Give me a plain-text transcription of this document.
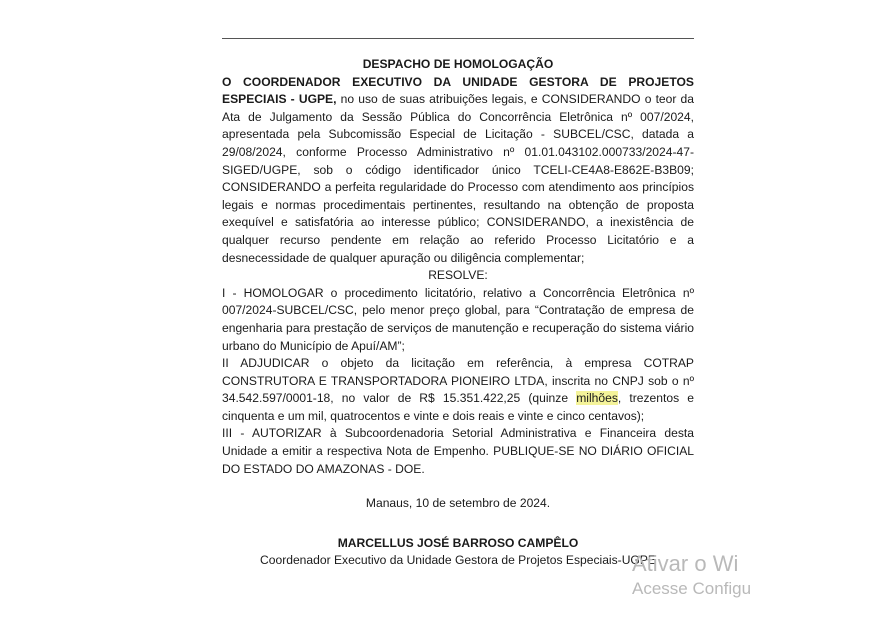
DESPACHO DE HOMOLOGAÇÃO
O COORDENADOR EXECUTIVO DA UNIDADE GESTORA DE PROJETOS ESPECIAIS - UGPE, no uso de suas atribuições legais, e CONSIDERANDO o teor da Ata de Julgamento da Sessão Pública do Concorrência Eletrônica nº 007/2024, apresentada pela Subcomissão Especial de Licitação - SUBCEL/CSC, datada a 29/08/2024, conforme Processo Administrativo nº 01.01.043102.000733/2024-47-SIGED/UGPE, sob o código identificador único TCELI-CE4A8-E862E-B3B09; CONSIDERANDO a perfeita regularidade do Processo com atendimento aos princípios legais e normas procedimentais pertinentes, resultando na obtenção de proposta exequível e satisfatória ao interesse público; CONSIDERANDO, a inexistência de qualquer recurso pendente em relação ao referido Processo Licitatório e a desnecessidade de qualquer apuração ou diligência complementar;
RESOLVE:
I - HOMOLOGAR o procedimento licitatório, relativo a Concorrência Eletrônica nº 007/2024-SUBCEL/CSC, pelo menor preço global, para “Contratação de empresa de engenharia para prestação de serviços de manutenção e recuperação do sistema viário urbano do Município de Apuí/AM”;
II ADJUDICAR o objeto da licitação em referência, à empresa COTRAP CONSTRUTORA E TRANSPORTADORA PIONEIRO LTDA, inscrita no CNPJ sob o nº 34.542.597/0001-18, no valor de R$ 15.351.422,25 (quinze milhões, trezentos e cinquenta e um mil, quatrocentos e vinte e dois reais e vinte e cinco centavos);
III - AUTORIZAR à Subcoordenadoria Setorial Administrativa e Financeira desta Unidade a emitir a respectiva Nota de Empenho. PUBLIQUE-SE NO DIÁRIO OFICIAL DO ESTADO DO AMAZONAS - DOE.
Manaus, 10 de setembro de 2024.
MARCELLUS JOSÉ BARROSO CAMPÊLO
Coordenador Executivo da Unidade Gestora de Projetos Especiais-UGPE
Ativar o Wi
Acesse Configu
